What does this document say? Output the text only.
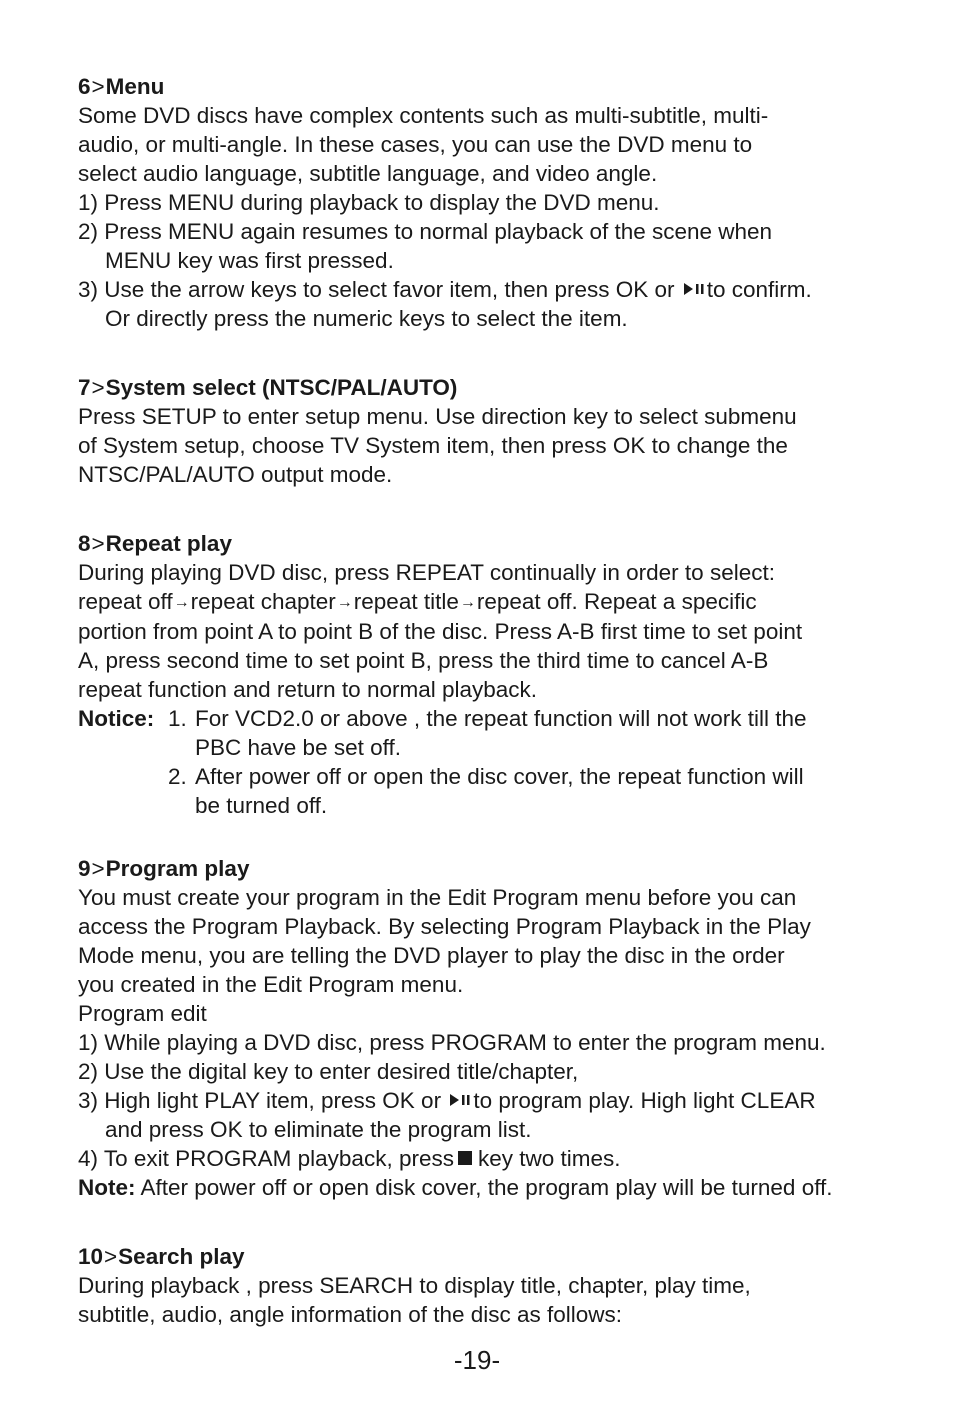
6>Menu
Some DVD discs have complex contents such as multi-subtitle, multi-
audio, or multi-angle. In these cases, you can use the DVD menu to
select audio language, subtitle language, and video angle.
1) Press MENU during playback to display the DVD menu.
2) Press MENU again resumes to normal playback of the scene when
MENU key was first pressed.
3) Use the arrow keys to select favor item, then press OK or to confirm.
Or directly press the numeric keys to select the item.
7>System select (NTSC/PAL/AUTO)
Press SETUP to enter setup menu. Use direction key to select submenu
of System setup, choose TV System item, then press OK to change the
NTSC/PAL/AUTO output mode.
8>Repeat play
During playing DVD disc, press REPEAT continually in order to select:
repeat off→repeat chapter→repeat title→repeat off. Repeat a specific
portion from point A to point B of the disc. Press A-B first time to set point
A, press second time to set point B, press the third time to cancel A-B
repeat function and return to normal playback.
Notice: 1. For VCD2.0 or above , the repeat function will not work till the
PBC have be set off.
2. After power off or open the disc cover, the repeat function will
be turned off.
9>Program play
You must create your program in the Edit Program menu before you can
access the Program Playback. By selecting Program Playback in the Play
Mode menu, you are telling the DVD player to play the disc in the order
you created in the Edit Program menu.
Program edit
1) While playing a DVD disc, press PROGRAM to enter the program menu.
2) Use the digital key to enter desired title/chapter,
3) High light PLAY item, press OK or to program play. High light CLEAR
and press OK to eliminate the program list.
4) To exit PROGRAM playback, press key two times.
Note: After power off or open disk cover, the program play will be turned off.
10>Search play
During playback , press SEARCH to display title, chapter, play time,
subtitle, audio, angle information of the disc as follows:
-19-
